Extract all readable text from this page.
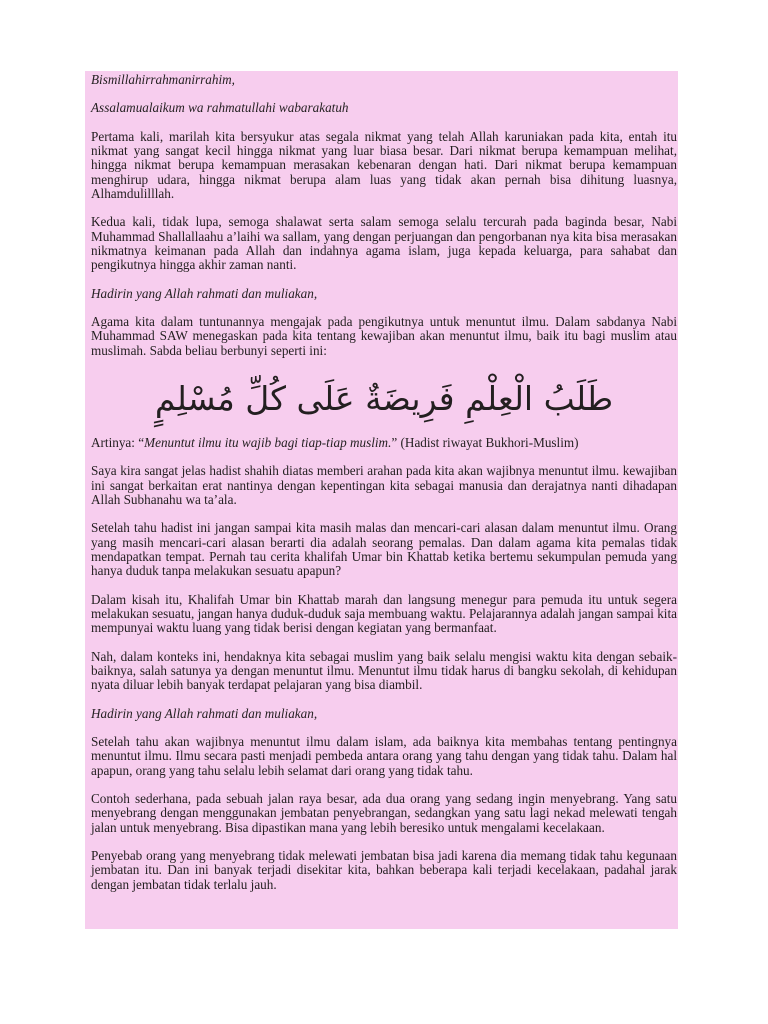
Bismillahirrahmanirrahim,

Assalamualaikum wa rahmatullahi wabarakatuh

Pertama kali, marilah kita bersyukur atas segala nikmat yang telah Allah karuniakan pada kita, entah itu nikmat yang sangat kecil hingga nikmat yang luar biasa besar. Dari nikmat berupa kemampuan melihat, hingga nikmat berupa kemampuan merasakan kebenaran dengan hati. Dari nikmat berupa kemampuan menghirup udara, hingga nikmat berupa alam luas yang tidak akan pernah bisa dihitung luasnya, Alhamdulilllah.

Kedua kali, tidak lupa, semoga shalawat serta salam semoga selalu tercurah pada baginda besar, Nabi Muhammad Shallallaahu a’laihi wa sallam, yang dengan perjuangan dan pengorbanan nya kita bisa merasakan nikmatnya keimanan pada Allah dan indahnya agama islam, juga kepada keluarga, para sahabat dan pengikutnya hingga akhir zaman nanti.

Hadirin yang Allah rahmati dan muliakan,

Agama kita dalam tuntunannya mengajak pada pengikutnya untuk menuntut ilmu. Dalam sabdanya Nabi Muhammad SAW menegaskan pada kita tentang kewajiban akan menuntut ilmu, baik itu bagi muslim atau muslimah. Sabda beliau berbunyi seperti ini:

طَلَبُ الْعِلْمِ فَرِيضَةٌ عَلَى كُلِّ مُسْلِمٍ

Artinya: “Menuntut ilmu itu wajib bagi tiap-tiap muslim.” (Hadist riwayat Bukhori-Muslim)

Saya kira sangat jelas hadist shahih diatas memberi arahan pada kita akan wajibnya menuntut ilmu. kewajiban ini sangat berkaitan erat nantinya dengan kepentingan kita sebagai manusia dan derajatnya nanti dihadapan Allah Subhanahu wa ta’ala.

Setelah tahu hadist ini jangan sampai kita masih malas dan mencari-cari alasan dalam menuntut ilmu. Orang yang masih mencari-cari alasan berarti dia adalah seorang pemalas. Dan dalam agama kita pemalas tidak mendapatkan tempat. Pernah tau cerita khalifah Umar bin Khattab ketika bertemu sekumpulan pemuda yang hanya duduk tanpa melakukan sesuatu apapun?

Dalam kisah itu, Khalifah Umar bin Khattab marah dan langsung menegur para pemuda itu untuk segera melakukan sesuatu, jangan hanya duduk-duduk saja membuang waktu. Pelajarannya adalah jangan sampai kita mempunyai waktu luang yang tidak berisi dengan kegiatan yang bermanfaat.

Nah, dalam konteks ini, hendaknya kita sebagai muslim yang baik selalu mengisi waktu kita dengan sebaik-baiknya, salah satunya ya dengan menuntut ilmu. Menuntut ilmu tidak harus di bangku sekolah, di kehidupan nyata diluar lebih banyak terdapat pelajaran yang bisa diambil.

Hadirin yang Allah rahmati dan muliakan,

Setelah tahu akan wajibnya menuntut ilmu dalam islam, ada baiknya kita membahas tentang pentingnya menuntut ilmu. Ilmu secara pasti menjadi pembeda antara orang yang tahu dengan yang tidak tahu. Dalam hal apapun, orang yang tahu selalu lebih selamat dari orang yang tidak tahu.

Contoh sederhana, pada sebuah jalan raya besar, ada dua orang yang sedang ingin menyebrang. Yang satu menyebrang dengan menggunakan jembatan penyebrangan, sedangkan yang satu lagi nekad melewati tengah jalan untuk menyebrang. Bisa dipastikan mana yang lebih beresiko untuk mengalami kecelakaan.

Penyebab orang yang menyebrang tidak melewati jembatan bisa jadi karena dia memang tidak tahu kegunaan jembatan itu. Dan ini banyak terjadi disekitar kita, bahkan beberapa kali terjadi kecelakaan, padahal jarak dengan jembatan tidak terlalu jauh.
